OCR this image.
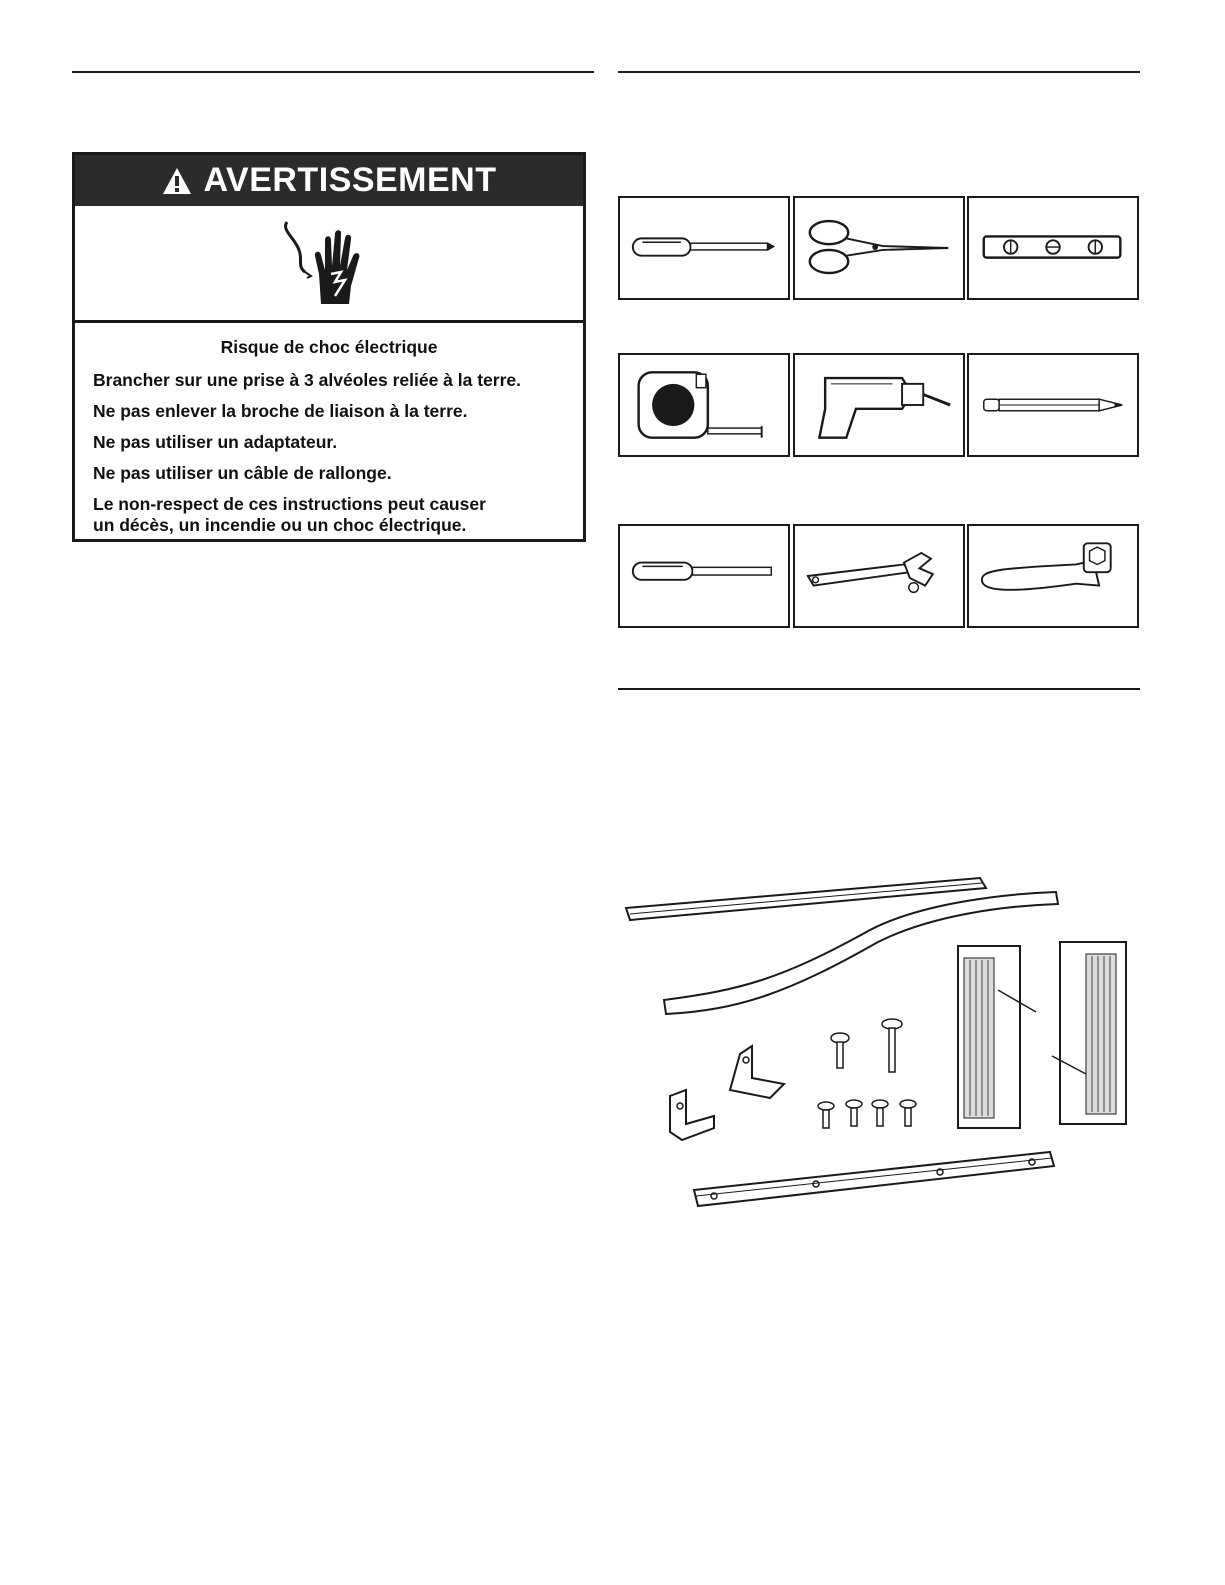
AVERTISSEMENT
Risque de choc électrique
Brancher sur une prise à 3 alvéoles reliée à la terre.
Ne pas enlever la broche de liaison à la terre.
Ne pas utiliser un adaptateur.
Ne pas utiliser un câble de rallonge.
Le non-respect de ces instructions peut causer
un décès, un incendie ou un choc électrique.
